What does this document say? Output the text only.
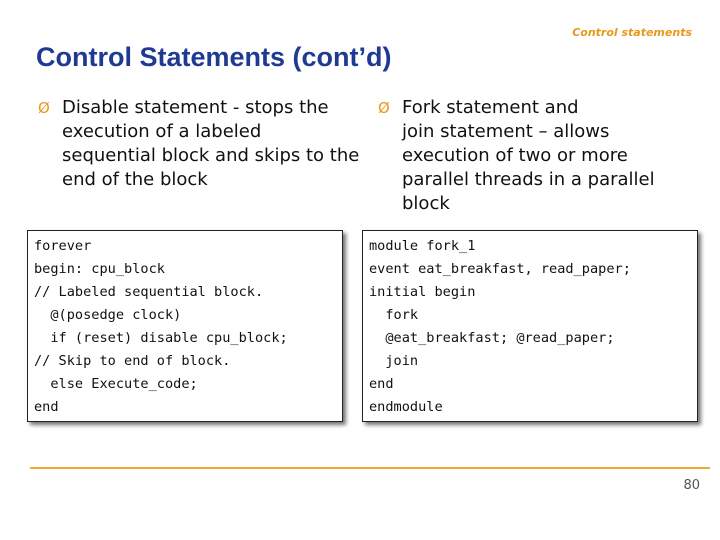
Control statements
Control Statements (cont’d)
Ø Disable statement - stops the
execution of a labeled
sequential block and skips to the
end of the block
Ø Fork statement and
join statement – allows
execution of two or more
parallel threads in a parallel
block
forever
begin: cpu_block
// Labeled sequential block.
@(posedge clock)
if (reset) disable cpu_block;
// Skip to end of block.
else Execute_code;
end
module fork_1
event eat_breakfast, read_paper;
initial begin
fork
@eat_breakfast; @read_paper;
join
end
endmodule
80
